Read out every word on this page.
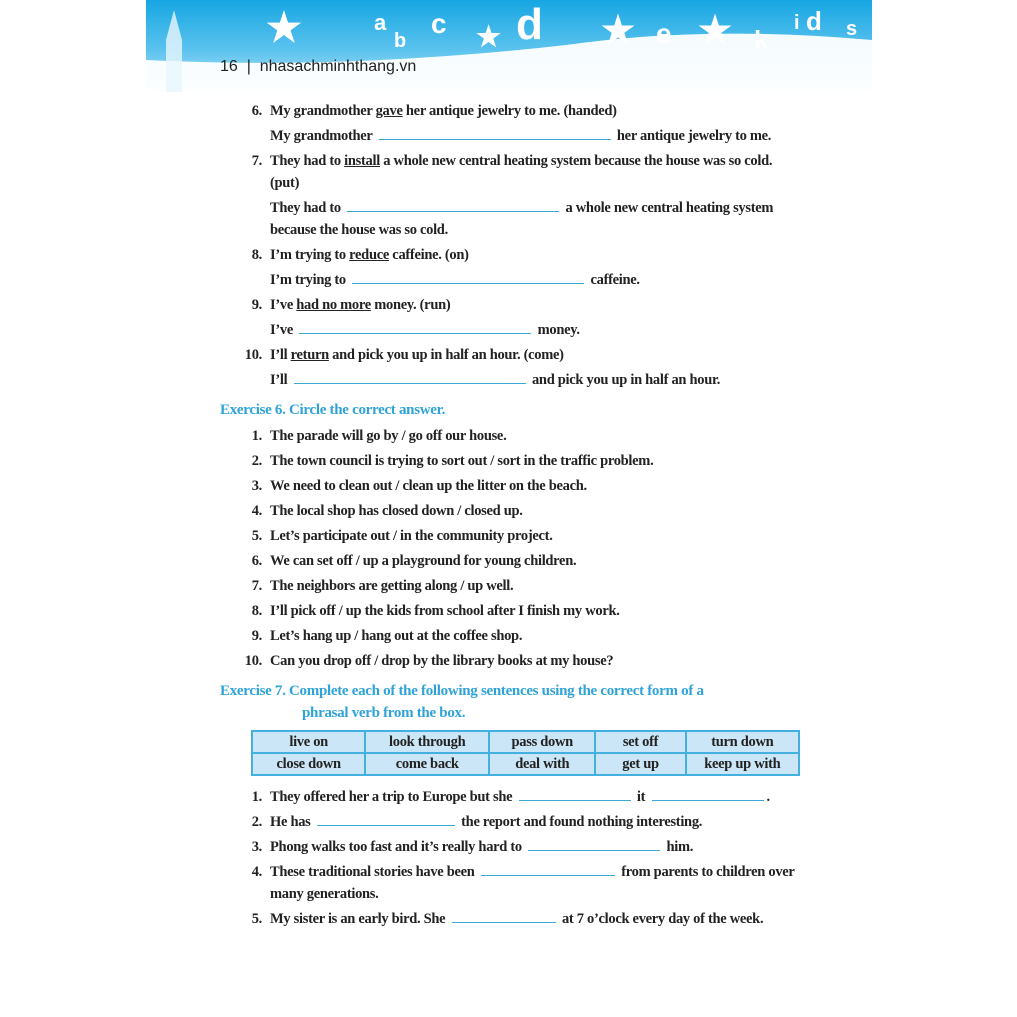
★	a
b
c ★ d ★ e ★ k
i d s
16 | nhasachminhthang.vn
6. My grandmother gave her antique jewelry to me. (handed)
My grandmother	her antique jewelry to me.
7. They had to install a whole new central heating system because the house was so cold. (put)
They had to	a whole new central heating system because the house was so cold.
8. I’m trying to reduce caffeine. (on)
I’m trying to	caffeine.
9. I’ve had no more money. (run)
I’ve	money.
10. I’ll return and pick you up in half an hour. (come)
I’ll	and pick you up in half an hour.
Exercise 6. Circle the correct answer.
1. The parade will go by / go off our house.
2. The town council is trying to sort out / sort in the traffic problem.
3. We need to clean out / clean up the litter on the beach.
4. The local shop has closed down / closed up.
5. Let’s participate out / in the community project.
6. We can set off / up a playground for young children.
7. The neighbors are getting along / up well.
8. I’ll pick off / up the kids from school after I finish my work.
9. Let’s hang up / hang out at the coffee shop.
10. Can you drop off / drop by the library books at my house?
Exercise 7. Complete each of the following sentences using the correct form of a
phrasal verb from the box.
live on	look through	pass down	set off	turn down
close down	come back	deal with	get up	keep up with
1. They offered her a trip to Europe but she	it	.
2. He has	the report and found nothing interesting.
3. Phong walks too fast and it’s really hard to	him.
4. These traditional stories have been	from parents to children over many generations.
5. My sister is an early bird. She	at 7 o’clock every day of the week.
